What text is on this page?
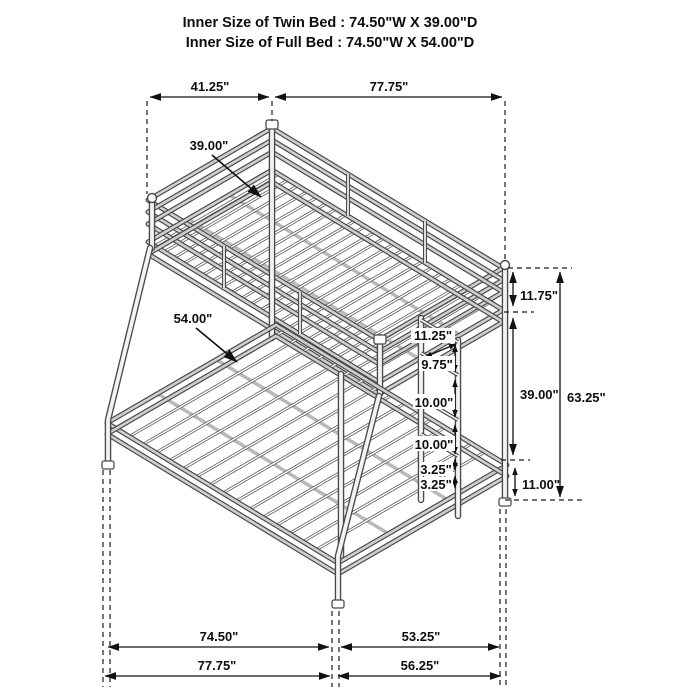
41.25"	77.75"
39.00"
54.00"
11.75"
39.00"
11.00"
63.25"
11.25"
9.75"
10.00"
10.00"
3.25"
3.25"
74.50"	53.25"
77.75"	56.25"
Inner Size of Twin Bed : 74.50"W X 39.00"D
Inner Size of Full Bed : 74.50"W X 54.00"D
